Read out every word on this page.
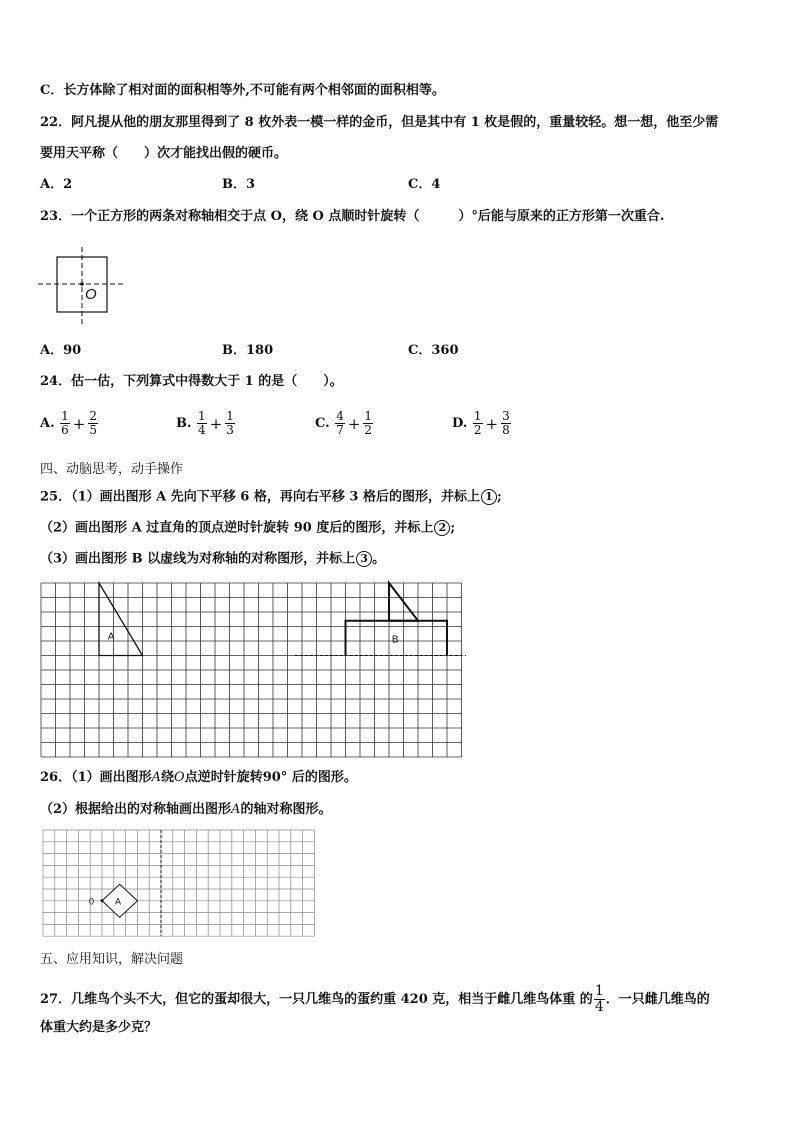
C．长方体除了相对面的面积相等外,不可能有两个相邻面的面积相等。
22．阿凡提从他的朋友那里得到了 8 枚外表一模一样的金币，但是其中有 1 枚是假的，重量较轻。想一想，他至少需
要用天平称（　　）次才能找出假的硬币。
A．2	B．3	C．4
23．一个正方形的两条对称轴相交于点 O，绕 O 点顺时针旋转（　　　）°后能与原来的正方形第一次重合.
O
A．90	B．180	C．360
24．估一估，下列算式中得数大于 1 的是（　　）。
A. $\frac{1}{6} + \frac{2}{5}$	B. $\frac{1}{4} + \frac{1}{3}$	C. $\frac{4}{7} + \frac{1}{2}$	D. $\frac{1}{2} + \frac{3}{8}$
四、动脑思考，动手操作
25．（1）画出图形 A 先向下平移 6 格，再向右平移 3 格后的图形，并标上 1 ;
（2）画出图形 A 过直角的顶点逆时针旋转 90 度后的图形，并标上 2 ;
（3）画出图形 B 以虚线为对称轴的对称图形，并标上 3 。
A	B
26．（1）画出图形A绕O点逆时针旋转90° 后的图形。
（2）根据给出的对称轴画出图形A的轴对称图形。
A
0
五、应用知识，解决问题
27．几维鸟个头不大，但它的蛋却很大，一只几维鸟的蛋约重 420 克，相当于雌几维鸟体重 的 $\frac{1}{4}$ ．一只雌几维鸟的
体重大约是多少克？
